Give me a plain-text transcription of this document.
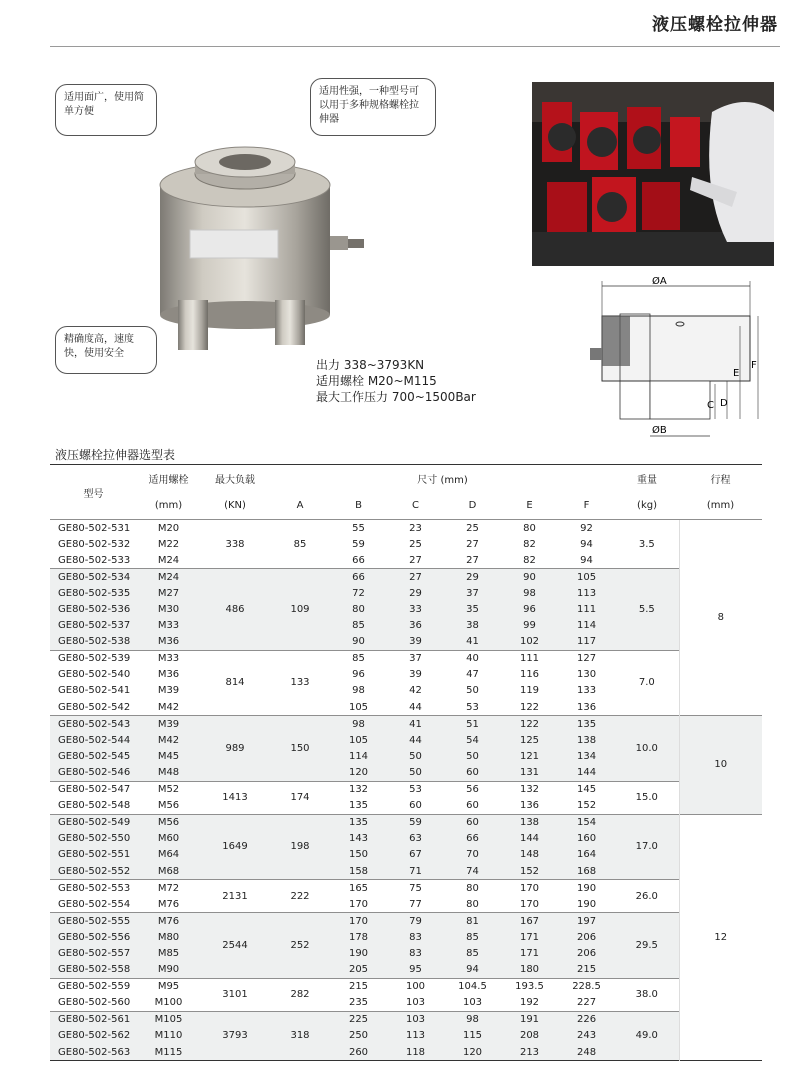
液压螺栓拉伸器
适用面广，使用简单方便
适用性强，一种型号可以用于多种规格螺栓拉伸器
精确度高，速度快，使用安全
出力 338~3793KN
适用螺栓 M20~M115
最大工作压力 700~1500Bar
ØA
ØB
C D
E
F
液压螺栓拉伸器选型表
型号	适用螺栓	最大负载	尺寸 (mm)						重量	行程
	(mm)	(KN)	A	B	C	D	E	F	(kg)	(mm)
GE80-502-531	M20	338	85	55	23	25	80	92	3.5	8
GE80-502-532	M22			59	25	27	82	94		
GE80-502-533	M24			66	27	27	82	94		
GE80-502-534	M24	486	109	66	27	29	90	105	5.5	
GE80-502-535	M27			72	29	37	98	113		
GE80-502-536	M30			80	33	35	96	111		
GE80-502-537	M33			85	36	38	99	114		
GE80-502-538	M36			90	39	41	102	117		
GE80-502-539	M33	814	133	85	37	40	111	127	7.0	
GE80-502-540	M36			96	39	47	116	130		
GE80-502-541	M39			98	42	50	119	133		
GE80-502-542	M42			105	44	53	122	136		
GE80-502-543	M39	989	150	98	41	51	122	135	10.0	10
GE80-502-544	M42			105	44	54	125	138		
GE80-502-545	M45			114	50	50	121	134		
GE80-502-546	M48			120	50	60	131	144		
GE80-502-547	M52	1413	174	132	53	56	132	145	15.0	
GE80-502-548	M56			135	60	60	136	152		
GE80-502-549	M56	1649	198	135	59	60	138	154	17.0	12
GE80-502-550	M60			143	63	66	144	160		
GE80-502-551	M64			150	67	70	148	164		
GE80-502-552	M68			158	71	74	152	168		
GE80-502-553	M72	2131	222	165	75	80	170	190	26.0	
GE80-502-554	M76			170	77	80	170	190		
GE80-502-555	M76	2544	252	170	79	81	167	197	29.5	
GE80-502-556	M80			178	83	85	171	206		
GE80-502-557	M85			190	83	85	171	206		
GE80-502-558	M90			205	95	94	180	215		
GE80-502-559	M95	3101	282	215	100	104.5	193.5	228.5	38.0	
GE80-502-560	M100			235	103	103	192	227		
GE80-502-561	M105	3793	318	225	103	98	191	226	49.0	
GE80-502-562	M110			250	113	115	208	243		
GE80-502-563	M115			260	118	120	213	248		
